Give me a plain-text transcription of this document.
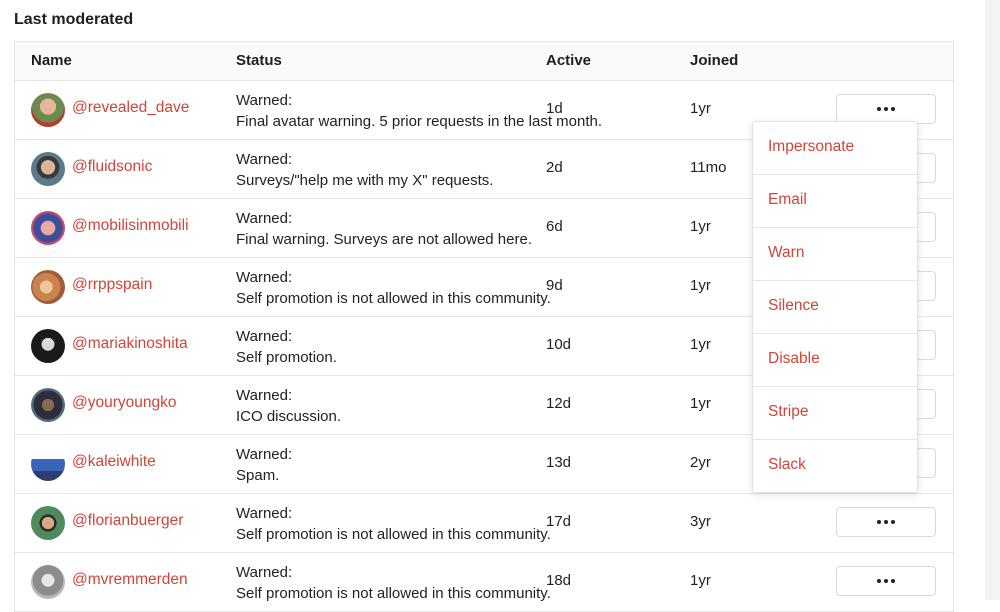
Last moderated
Name	Status	Active	Joined
@revealed_dave	Warned:
Final avatar warning. 5 prior requests in the last month.
1d	1yr
@fluidsonic	Warned:
Surveys/"help me with my X" requests.
2d	11mo
@mobilisinmobili	Warned:
Final warning. Surveys are not allowed here.
6d	1yr
@rrppspain	Warned:
Self promotion is not allowed in this community.
9d	1yr
@mariakinoshita	Warned:
Self promotion.
10d	1yr
@youryoungko	Warned:
ICO discussion.
12d	1yr
@kaleiwhite	Warned:
Spam.
13d	2yr
@florianbuerger	Warned:
Self promotion is not allowed in this community.
17d	3yr
@mvremmerden	Warned:
Self promotion is not allowed in this community.
18d	1yr
Impersonate
Email
Warn
Silence
Disable
Stripe
Slack
